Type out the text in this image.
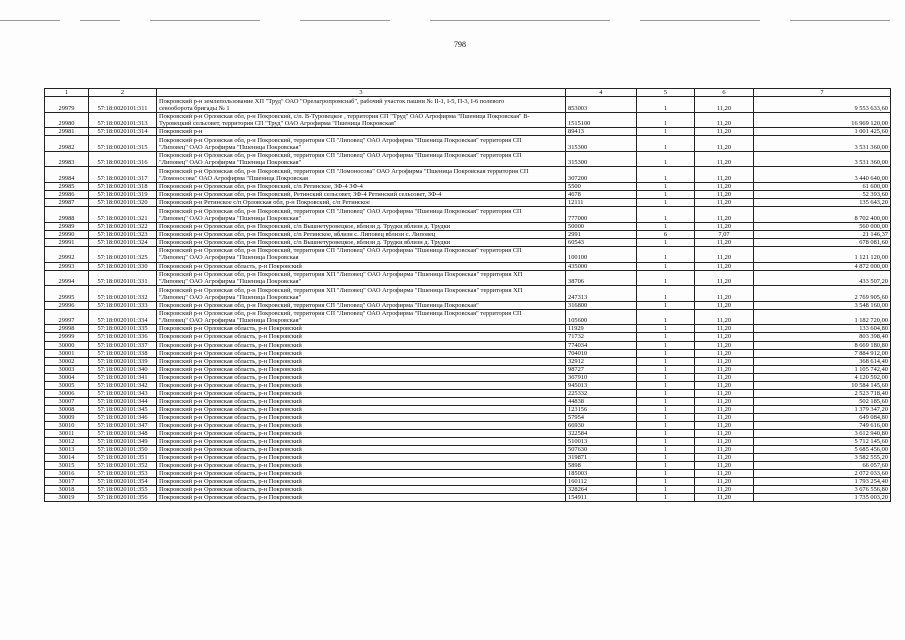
798
1	2	3	4	5	6	7
29979	57:18:0020101:311	Покровский р-н землепользование ХП "Труд" ОАО "Орелагропромснаб", рабочий участок пашни № II-1, I-5, П-3, I-6 полевого
севооборота бригады № 1	853003	1	11,20	9 553 633,60
29980	57:18:0020101:313	Покровский р-н Орловская обл, р-н Покровский, с/п. В-Туровецкое , территория СП "Труд" ОАО Агрофирма "Пшеница Покровская" В-
Туровецкий сельсовет, территория СП "Труд" ОАО Агрофирма "Пшеница Покровская"	1515100	1	11,20	16 969 120,00
29981	57:18:0020101:314	Покровский р-н	89413	1	11,20	1 001 425,60
29982	57:18:0020101:315	Покровский р-н Орловская обл, р-н Покровский, территория СП "Липовец" ОАО Агрофирма "Пшеница Покровская" территория СП
"Липовец" ОАО Агрофирма "Пшеница Покровская"	315300	1	11,20	3 531 360,00
29983	57:18:0020101:316	Покровский р-н Орловская обл, р-н Покровский, территория СП "Липовец" ОАО Агрофирма "Пшеница Покровская" территория СП
"Липовец" ОАО Агрофирма "Пшеница Покровская"	315300	1	11,20	3 531 360,00
29984	57:18:0020101:317	Покровский р-н Орловская обл, р-н Покровский, территория СП "Ломоносова" ОАО Агрофирма "Пшеница Покровская территория СП
"Ломоносова" ОАО Агрофирма "Пшеница Покровская	307200	1	11,20	3 440 640,00
29985	57:18:0020101:318	Покровский р-н Орловская обл, р-н Покровский, с/п Ретинское, ЗФ-4 ЗФ-4	5500	1	11,20	61 600,00
29986	57:18:0020101:319	Покровский р-н Орловская обл, р-н Покровский, Ретинский сельсовет, ЗФ-4 Ретинский сельсовет, ЗФ-4	4678	1	11,20	52 393,60
29987	57:18:0020101:320	Покровский р-н Ретинское с/п Орловская обл, р-н Покровский, с/п Ретинское	12111	1	11,20	135 643,20
29988	57:18:0020101:321	Покровский р-н Орловская обл, р-н Покровский, территория СП "Липовец" ОАО Агрофирма "Пшеница Покровская" территория СП
"Липовец" ОАО Агрофирма "Пшеница Покровская"	777000	1	11,20	8 702 400,00
29989	57:18:0020101:322	Покровский р-н Орловская обл, р-н Покровский, с/п Вышнетуровецкое, вблизи д. Трудки вблизи д. Трудки	50000	1	11,20	560 000,00
29990	57:18:0020101:323	Покровский р-н Орловская обл, р-н Покровский, с/п Ретинское, вблизи с. Липовец вблизи с. Липовец	2991	6	7,07	21 146,37
29991	57:18:0020101:324	Покровский р-н Орловская обл, р-н Покровский, с/п Вышнетуровецкое, вблизи д. Трудки вблизи д. Трудки	60543	1	11,20	678 081,60
29992	57:18:0020101:325	Покровский р-н Орловская обл, р-н Покровский, территория СП "Липовец" ОАО Агрофирма "Пшеница Покровская" территория СП
"Липовец" ОАО Агрофирма "Пшеница Покровская	100100	1	11,20	1 121 120,00
29993	57:18:0020101:330	Покровский р-н Орловская область, р-н Покровский	435000	1	11,20	4 872 000,00
29994	57:18:0020101:331	Покровский р-н Орловская обл, р-н Покровский, территория ХП "Липовец" ОАО Агрофирма "Пшеница Покровская" территория ХП
"Липовец" ОАО Агрофирма "Пшеница Покровская"	38706	1	11,20	433 507,20
29995	57:18:0020101:332	Покровский р-н Орловская обл, р-н Покровский, территория ХП "Липовец" ОАО Агрофирма "Пшеница Покровская" территория ХП
"Липовец" ОАО Агрофирма "Пшеница Покровская"	247313	1	11,20	2 769 905,60
29996	57:18:0020101:333	Покровский р-н Орловская обл, р-н Покровский, территория СП "Липовец" ОАО Агрофирма "Пшеница Покровская"	316800	1	11,20	3 548 160,00
29997	57:18:0020101:334	Покровский р-н Орловская обл, р-н Покровский, территория СП "Липовец" ОАО Агрофирма "Пшеница Покровская" территория СП
"Липовец" ОАО Агрофирма "Пшеница Покровская"	105600	1	11,20	1 182 720,00
29998	57:18:0020101:335	Покровский р-н Орловская область, р-н Покровский	11929	1	11,20	133 604,80
29999	57:18:0020101:336	Покровский р-н Орловская область, р-н Покровский	71732	1	11,20	803 398,40
30000	57:18:0020101:337	Покровский р-н Орловская область, р-н Покровский	774034	1	11,20	8 669 180,80
30001	57:18:0020101:338	Покровский р-н Орловская область, р-н Покровский	704010	1	11,20	7 884 912,00
30002	57:18:0020101:339	Покровский р-н Орловская область, р-н Покровский	32912	1	11,20	368 614,40
30003	57:18:0020101:340	Покровский р-н Орловская область, р-н Покровский	98727	1	11,20	1 105 742,40
30004	57:18:0020101:341	Покровский р-н Орловская область, р-н Покровский	367910	1	11,20	4 120 592,00
30005	57:18:0020101:342	Покровский р-н Орловская область, р-н Покровский	945013	1	11,20	10 584 145,60
30006	57:18:0020101:343	Покровский р-н Орловская область, р-н Покровский	225332	1	11,20	2 523 718,40
30007	57:18:0020101:344	Покровский р-н Орловская область, р-н Покровский	44838	1	11,20	502 185,60
30008	57:18:0020101:345	Покровский р-н Орловская область, р-н Покровский	123156	1	11,20	1 379 347,20
30009	57:18:0020101:346	Покровский р-н Орловская область, р-н Покровский	57954	1	11,20	649 084,80
30010	57:18:0020101:347	Покровский р-н Орловская область, р-н Покровский	66930	1	11,20	749 616,00
30011	57:18:0020101:348	Покровский р-н Орловская область, р-н Покровский	322584	1	11,20	3 612 940,80
30012	57:18:0020101:349	Покровский р-н Орловская область, р-н Покровский	510013	1	11,20	5 712 145,60
30013	57:18:0020101:350	Покровский р-н Орловская область, р-н Покровский	507630	1	11,20	5 685 456,00
30014	57:18:0020101:351	Покровский р-н Орловская область, р-н Покровский	319871	1	11,20	3 582 555,20
30015	57:18:0020101:352	Покровский р-н Орловская область, р-н Покровский	5898	1	11,20	66 057,60
30016	57:18:0020101:353	Покровский р-н Орловская область, р-н Покровский	185003	1	11,20	2 072 033,60
30017	57:18:0020101:354	Покровский р-н Орловская область, р-н Покровский	160112	1	11,20	1 793 254,40
30018	57:18:0020101:355	Покровский р-н Орловская область, р-н Покровский	328264	1	11,20	3 676 556,80
30019	57:18:0020101:356	Покровский р-н Орловская область, р-н Покровский	154911	1	11,20	1 735 003,20
